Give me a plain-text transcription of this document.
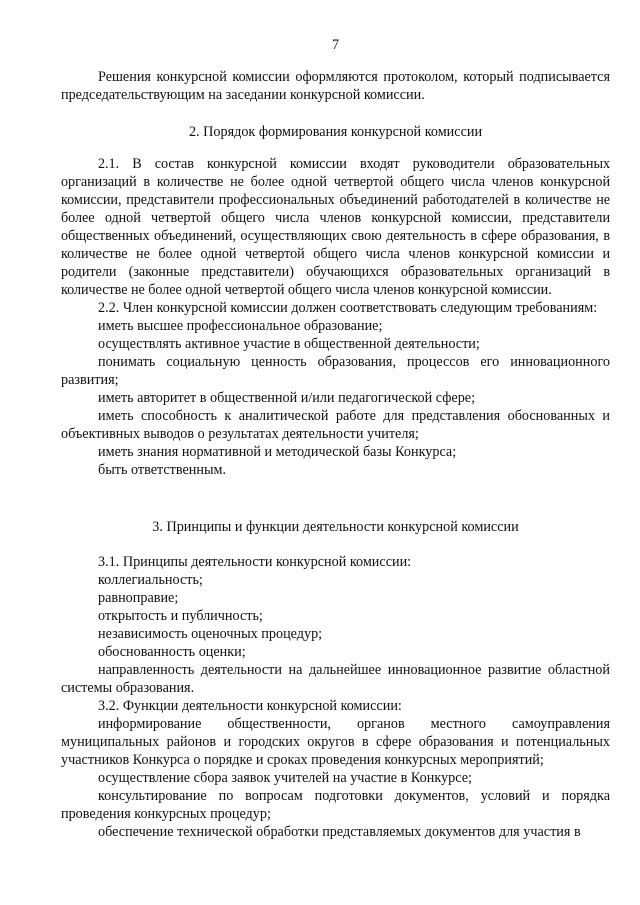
7

Решения конкурсной комиссии оформляются протоколом, который подписывается председательствующим на заседании конкурсной комиссии.

2. Порядок формирования конкурсной комиссии

2.1. В состав конкурсной комиссии входят руководители образовательных организаций в количестве не более одной четвертой общего числа членов конкурсной комиссии, представители профессиональных объединений работодателей в количестве не более одной четвертой общего числа членов конкурсной комиссии, представители общественных объединений, осуществляющих свою деятельность в сфере образования, в количестве не более одной четвертой общего числа членов конкурсной комиссии и родители (законные представители) обучающихся образовательных организаций в количестве не более одной четвертой общего числа членов конкурсной комиссии.

2.2. Член конкурсной комиссии должен соответствовать следующим требованиям:

иметь высшее профессиональное образование;

осуществлять активное участие в общественной деятельности;

понимать социальную ценность образования, процессов его инновационного развития;

иметь авторитет в общественной и/или педагогической сфере;

иметь способность к аналитической работе для представления обоснованных и объективных выводов о результатах деятельности учителя;

иметь знания нормативной и методической базы Конкурса;

быть ответственным.

3. Принципы и функции деятельности конкурсной комиссии

3.1. Принципы деятельности конкурсной комиссии:

коллегиальность;

равноправие;

открытость и публичность;

независимость оценочных процедур;

обоснованность оценки;

направленность деятельности на дальнейшее инновационное развитие областной системы образования.

3.2. Функции деятельности конкурсной комиссии:

информирование общественности, органов местного самоуправления муниципальных районов и городских округов в сфере образования и потенциальных участников Конкурса о порядке и сроках проведения конкурсных мероприятий;

осуществление сбора заявок учителей на участие в Конкурсе;

консультирование по вопросам подготовки документов, условий и порядка проведения конкурсных процедур;

обеспечение технической обработки представляемых документов для участия в
